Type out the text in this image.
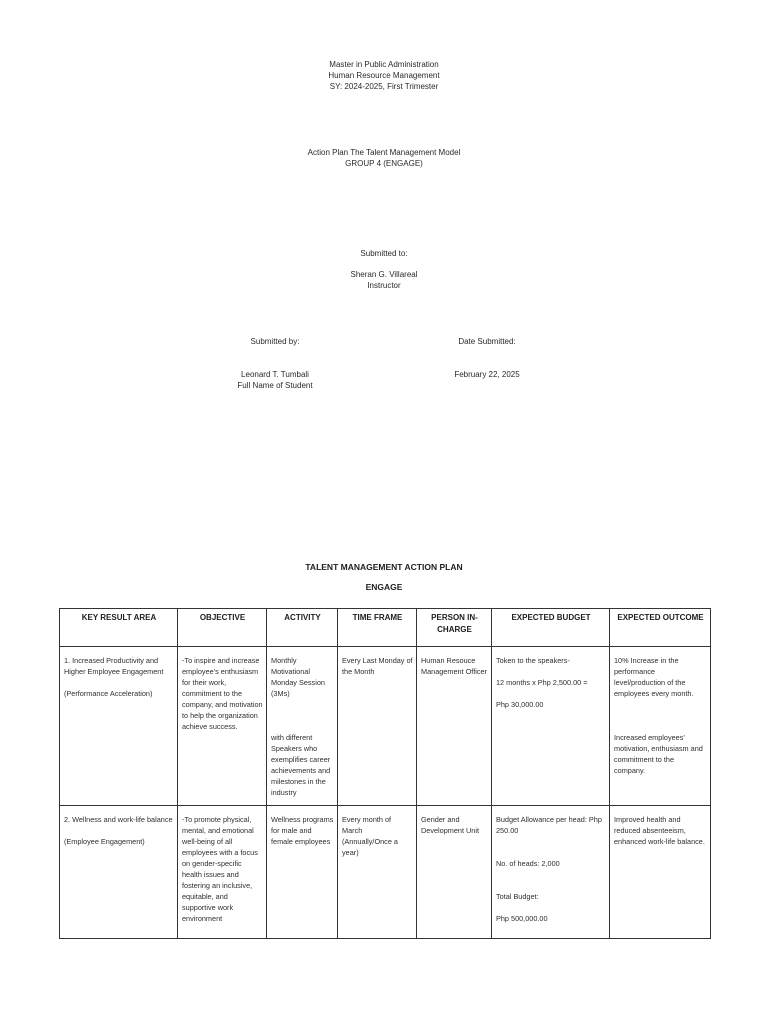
Master in Public Administration
Human Resource Management
SY: 2024-2025, First Trimester
Action Plan The Talent Management Model
GROUP 4 (ENGAGE)
Submitted to:
Sheran G. Villareal
Instructor
Submitted by:	Date Submitted:
Leonard T. Tumbali
Full Name of Student
February 22, 2025
TALENT MANAGEMENT ACTION PLAN
ENGAGE
KEY RESULT AREA	OBJECTIVE	ACTIVITY	TIME FRAME	PERSON IN-CHARGE	EXPECTED BUDGET	EXPECTED OUTCOME

1. Increased Productivity and Higher Employee Engagement
(Performance Acceleration)	-To inspire and increase employee’s enthusiasm for their work, commitment to the company, and motivation to help the organization achieve success.	Monthly Motivational Monday Session (3Ms)
with different Speakers who exemplifies career achievements and milestones in the industry	Every Last Monday of the Month	Human Resouce Management Officer	Token to the speakers-
12 months x Php 2,500.00 =
Php 30,000.00	10% Increase in the performance level/production of the employees every month.
Increased employees’ motivation, enthusiasm and commitment to the company.

2. Wellness and work-life balance
(Employee Engagement)	-To promote physical, mental, and emotional well-being of all employees with a focus on gender-specific health issues and fostering an inclusive, equitable, and supportive work environment	Wellness programs for male and female employees	Every month of March (Annually/Once a year)	Gender and Development Unit	Budget Allowance per head: Php 250.00
No. of heads: 2,000
Total Budget:
Php 500,000.00	Improved health and reduced absenteeism, enhanced work-life balance.
